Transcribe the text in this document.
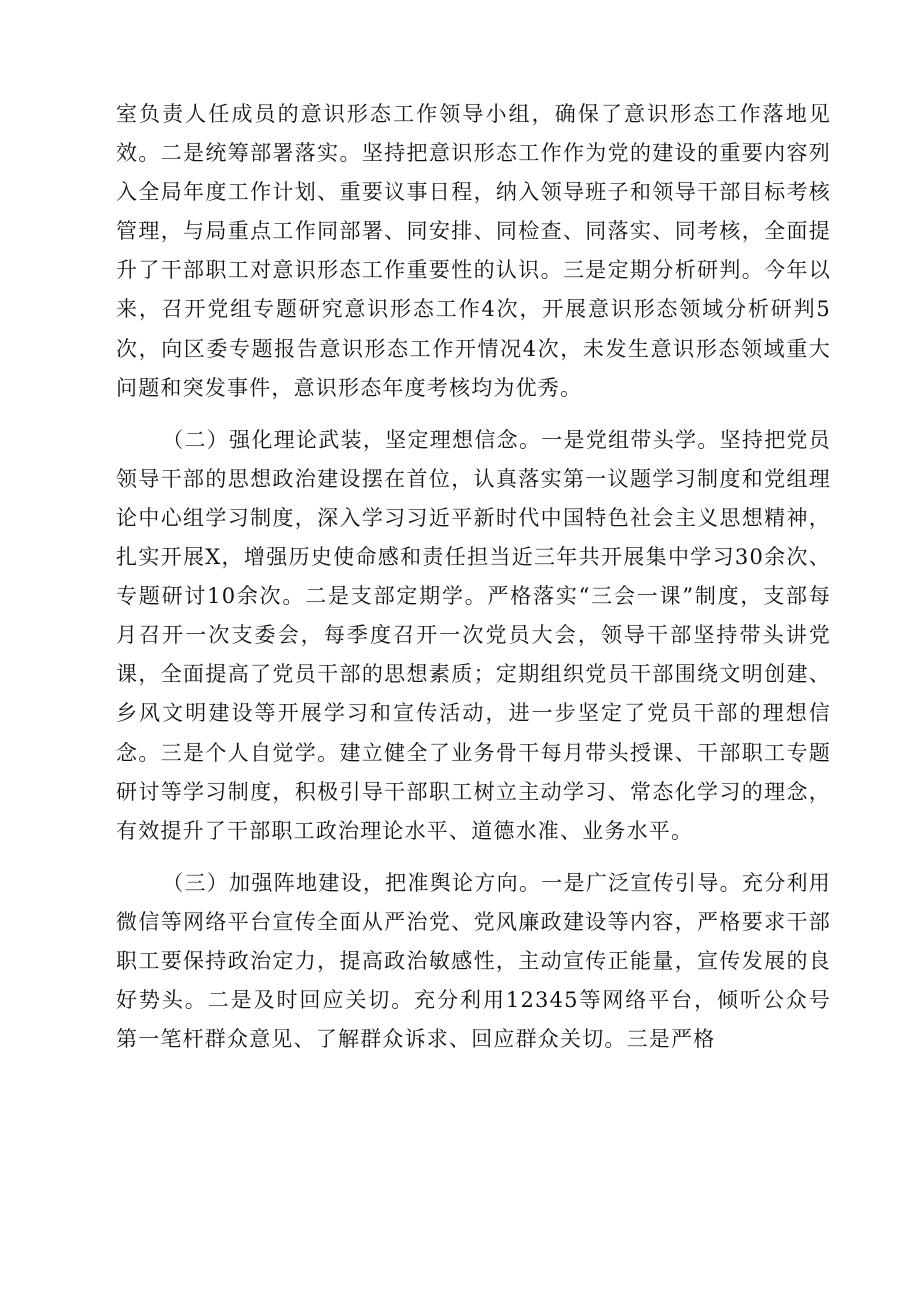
室负责人任成员的意识形态工作领导小组，确保了意识形态工作落地见效。二是统筹部署落实。坚持把意识形态工作作为党的建设的重要内容列入全局年度工作计划、重要议事日程，纳入领导班子和领导干部目标考核管理，与局重点工作同部署、同安排、同检查、同落实、同考核，全面提升了干部职工对意识形态工作重要性的认识。三是定期分析研判。今年以来，召开党组专题研究意识形态工作4次，开展意识形态领域分析研判5次，向区委专题报告意识形态工作开情况4次，未发生意识形态领域重大问题和突发事件，意识形态年度考核均为优秀。

（二）强化理论武装，坚定理想信念。一是党组带头学。坚持把党员领导干部的思想政治建设摆在首位，认真落实第一议题学习制度和党组理论中心组学习制度，深入学习习近平新时代中国特色社会主义思想精神，扎实开展X，增强历史使命感和责任担当近三年共开展集中学习30余次、专题研讨10余次。二是支部定期学。严格落实“三会一课”制度，支部每月召开一次支委会，每季度召开一次党员大会，领导干部坚持带头讲党课，全面提高了党员干部的思想素质；定期组织党员干部围绕文明创建、乡风文明建设等开展学习和宣传活动，进一步坚定了党员干部的理想信念。三是个人自觉学。建立健全了业务骨干每月带头授课、干部职工专题研讨等学习制度，积极引导干部职工树立主动学习、常态化学习的理念，有效提升了干部职工政治理论水平、道德水准、业务水平。

（三）加强阵地建设，把准舆论方向。一是广泛宣传引导。充分利用微信等网络平台宣传全面从严治党、党风廉政建设等内容，严格要求干部职工要保持政治定力，提高政治敏感性，主动宣传正能量，宣传发展的良好势头。二是及时回应关切。充分利用12345等网络平台，倾听公众号第一笔杆群众意见、了解群众诉求、回应群众关切。三是严格
